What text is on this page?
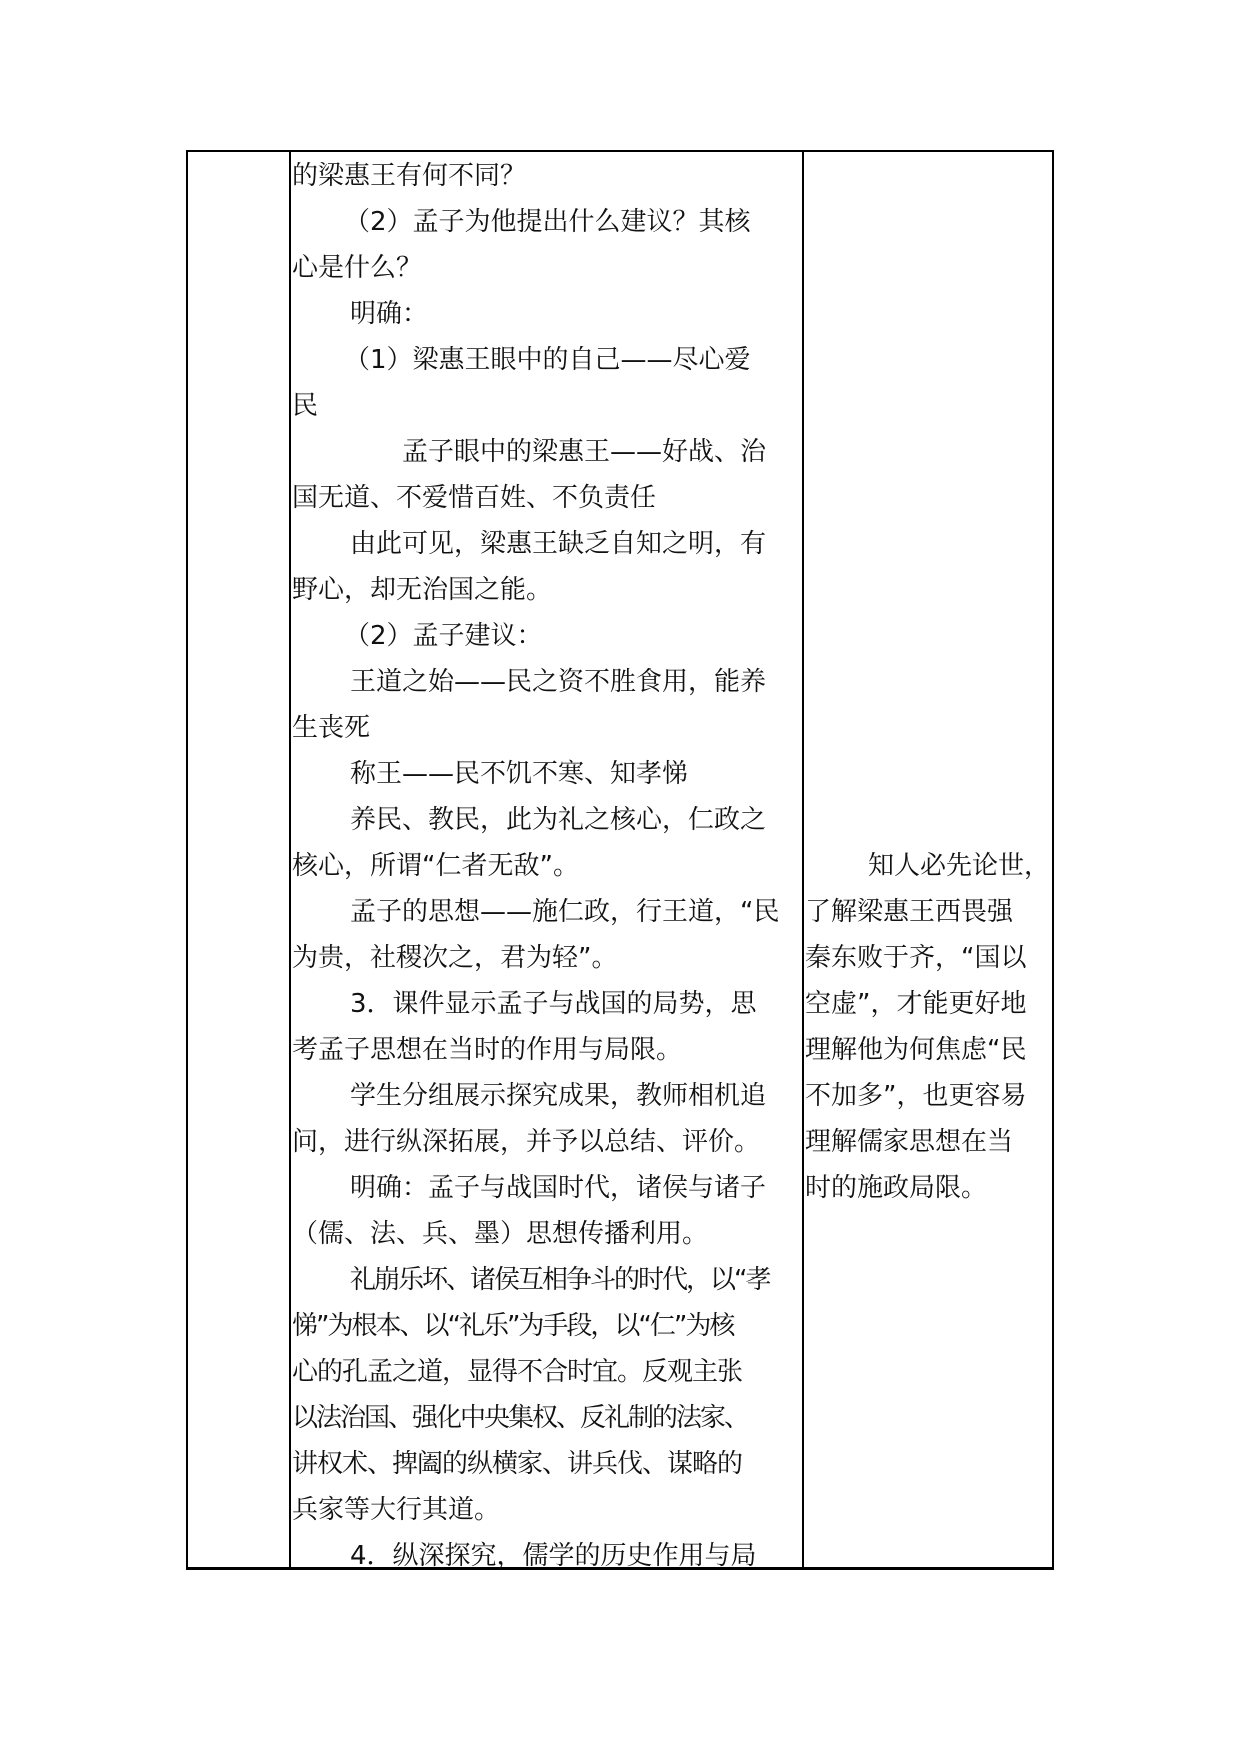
的梁惠王有何不同？
（2）孟子为他提出什么建议？其核
心是什么？
明确：
（1）梁惠王眼中的自己——尽心爱
民
孟子眼中的梁惠王——好战、治
国无道、不爱惜百姓、不负责任
由此可见，梁惠王缺乏自知之明，有
野心，却无治国之能。
（2）孟子建议：
王道之始——民之资不胜食用，能养
生丧死
称王——民不饥不寒、知孝悌
养民、教民，此为礼之核心，仁政之
核心，所谓“仁者无敌”。
孟子的思想——施仁政，行王道，“民
为贵，社稷次之，君为轻”。
3．课件显示孟子与战国的局势，思
考孟子思想在当时的作用与局限。
学生分组展示探究成果，教师相机追
问，进行纵深拓展，并予以总结、评价。
明确：孟子与战国时代，诸侯与诸子
（儒、法、兵、墨）思想传播利用。
礼崩乐坏、诸侯互相争斗的时代，以“孝
悌”为根本、以“礼乐”为手段，以“仁”为核
心的孔孟之道，显得不合时宜。反观主张
以法治国、强化中央集权、反礼制的法家、
讲权术、捭阖的纵横家、讲兵伐、谋略的
兵家等大行其道。
4．纵深探究，儒学的历史作用与局
知人必先论世，
了解梁惠王西畏强
秦东败于齐，“国以
空虚”，才能更好地
理解他为何焦虑“民
不加多”，也更容易
理解儒家思想在当
时的施政局限。
